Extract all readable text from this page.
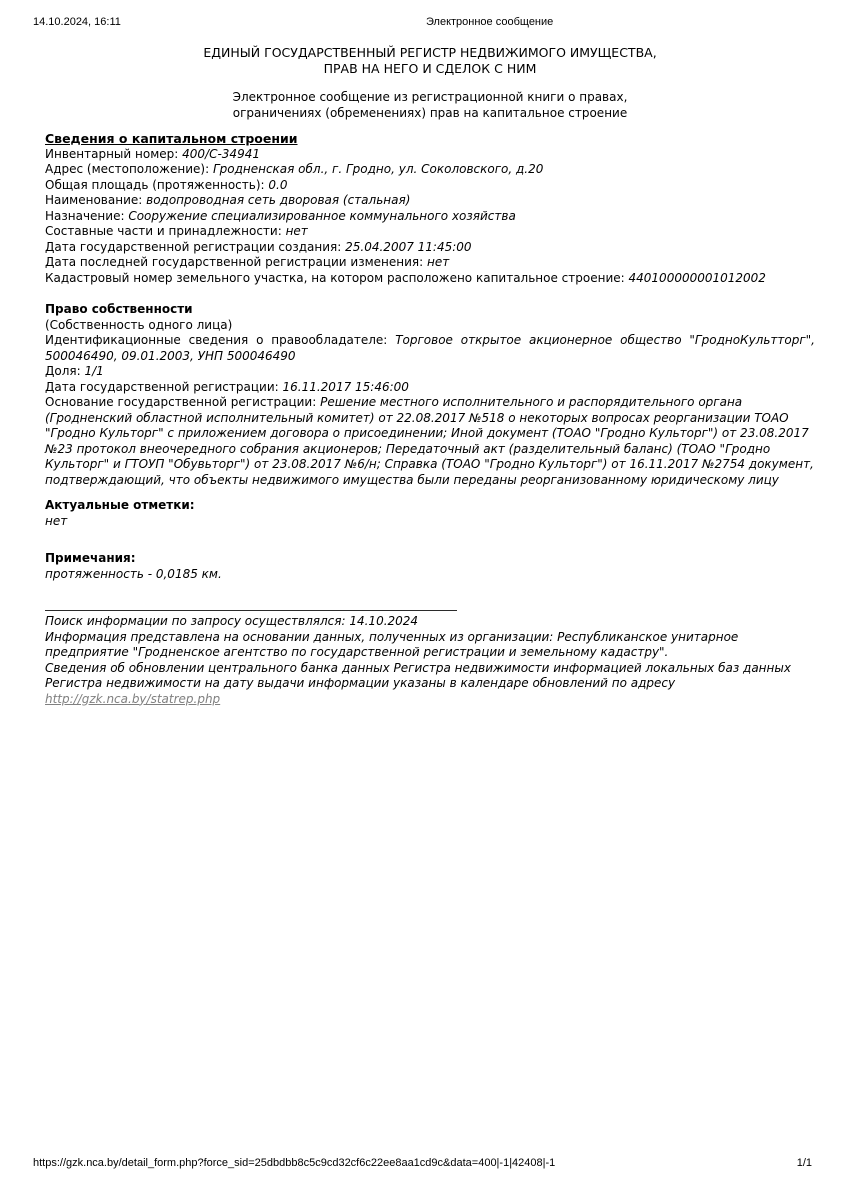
14.10.2024, 16:11	Электронное сообщение
ЕДИНЫЙ ГОСУДАРСТВЕННЫЙ РЕГИСТР НЕДВИЖИМОГО ИМУЩЕСТВА,
ПРАВ НА НЕГО И СДЕЛОК С НИМ
Электронное сообщение из регистрационной книги о правах,
ограничениях (обременениях) прав на капитальное строение
Сведения о капитальном строении
Инвентарный номер: 400/С-34941
Адрес (местоположение): Гродненская обл., г. Гродно, ул. Соколовского, д.20
Общая площадь (протяженность): 0.0
Наименование: водопроводная сеть дворовая (стальная)
Назначение: Сооружение специализированное коммунального хозяйства
Составные части и принадлежности: нет
Дата государственной регистрации создания: 25.04.2007 11:45:00
Дата последней государственной регистрации изменения: нет
Кадастровый номер земельного участка, на котором расположено капитальное строение: 440100000001012002
Право собственности
(Собственность одного лица)
Идентификационные сведения о правообладателе: Торговое открытое акционерное общество "ГродноКультторг", 500046490, 09.01.2003, УНП 500046490
Доля: 1/1
Дата государственной регистрации: 16.11.2017 15:46:00
Основание государственной регистрации: Решение местного исполнительного и распорядительного органа (Гродненский областной исполнительный комитет) от 22.08.2017 №518 о некоторых вопросах реорганизации ТОАО "Гродно Культорг" с приложением договора о присоединении; Иной документ (ТОАО "Гродно Культорг") от 23.08.2017 №23 протокол внеочередного собрания акционеров; Передаточный акт (разделительный баланс) (ТОАО "Гродно Культорг" и ГТОУП "Обувьторг") от 23.08.2017 №6/н; Справка (ТОАО "Гродно Культорг") от 16.11.2017 №2754 документ, подтверждающий, что объекты недвижимого имущества были переданы реорганизованному юридическому лицу
Актуальные отметки:
нет
Примечания:
протяженность - 0,0185 км.
Поиск информации по запросу осуществлялся: 14.10.2024
Информация представлена на основании данных, полученных из организации: Республиканское унитарное предприятие "Гродненское агентство по государственной регистрации и земельному кадастру".
Сведения об обновлении центрального банка данных Регистра недвижимости информацией локальных баз данных Регистра недвижимости на дату выдачи информации указаны в календаре обновлений по адресу
http://gzk.nca.by/statrep.php
https://gzk.nca.by/detail_form.php?force_sid=25dbdbb8c5c9cd32cf6c22ee8aa1cd9c&data=400|-1|42408|-1	1/1
